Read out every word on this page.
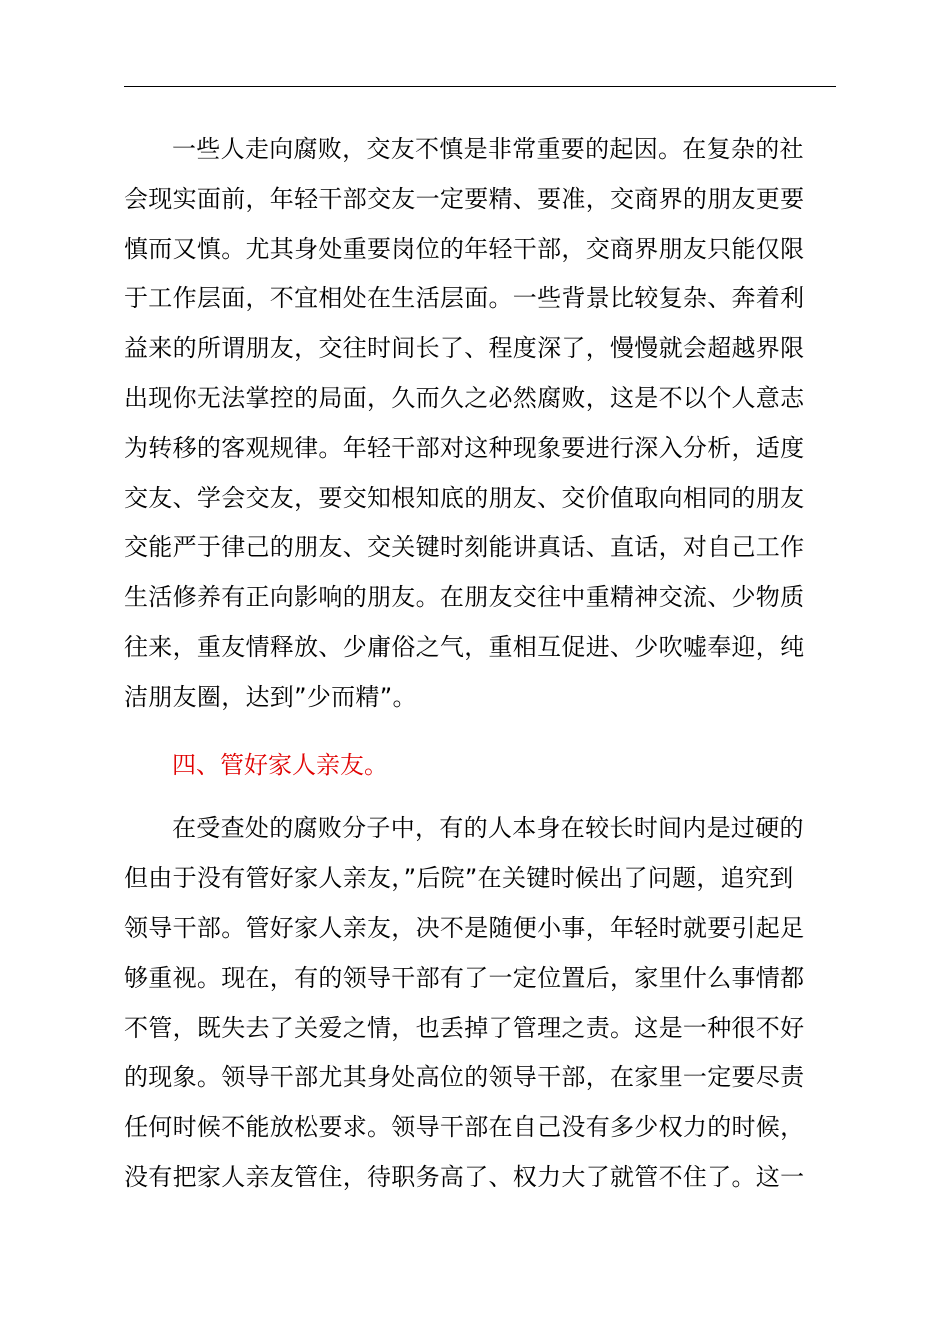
一些人走向腐败，交友不慎是非常重要的起因。在复杂的社
会现实面前，年轻干部交友一定要精、要准，交商界的朋友更要
慎而又慎。尤其身处重要岗位的年轻干部，交商界朋友只能仅限
于工作层面，不宜相处在生活层面。一些背景比较复杂、奔着利
益来的所谓朋友，交往时间长了、程度深了，慢慢就会超越界限
出现你无法掌控的局面，久而久之必然腐败，这是不以个人意志
为转移的客观规律。年轻干部对这种现象要进行深入分析，适度
交友、学会交友，要交知根知底的朋友、交价值取向相同的朋友
交能严于律己的朋友、交关键时刻能讲真话、直话，对自己工作
生活修养有正向影响的朋友。在朋友交往中重精神交流、少物质
往来，重友情释放、少庸俗之气，重相互促进、少吹嘘奉迎，纯
洁朋友圈，达到”少而精”。
四、管好家人亲友。
在受查处的腐败分子中，有的人本身在较长时间内是过硬的
但由于没有管好家人亲友，”后院”在关键时候出了问题，追究到
领导干部。管好家人亲友，决不是随便小事，年轻时就要引起足
够重视。现在，有的领导干部有了一定位置后，家里什么事情都
不管，既失去了关爱之情，也丢掉了管理之责。这是一种很不好
的现象。领导干部尤其身处高位的领导干部，在家里一定要尽责
任何时候不能放松要求。领导干部在自己没有多少权力的时候，
没有把家人亲友管住，待职务高了、权力大了就管不住了。这一
